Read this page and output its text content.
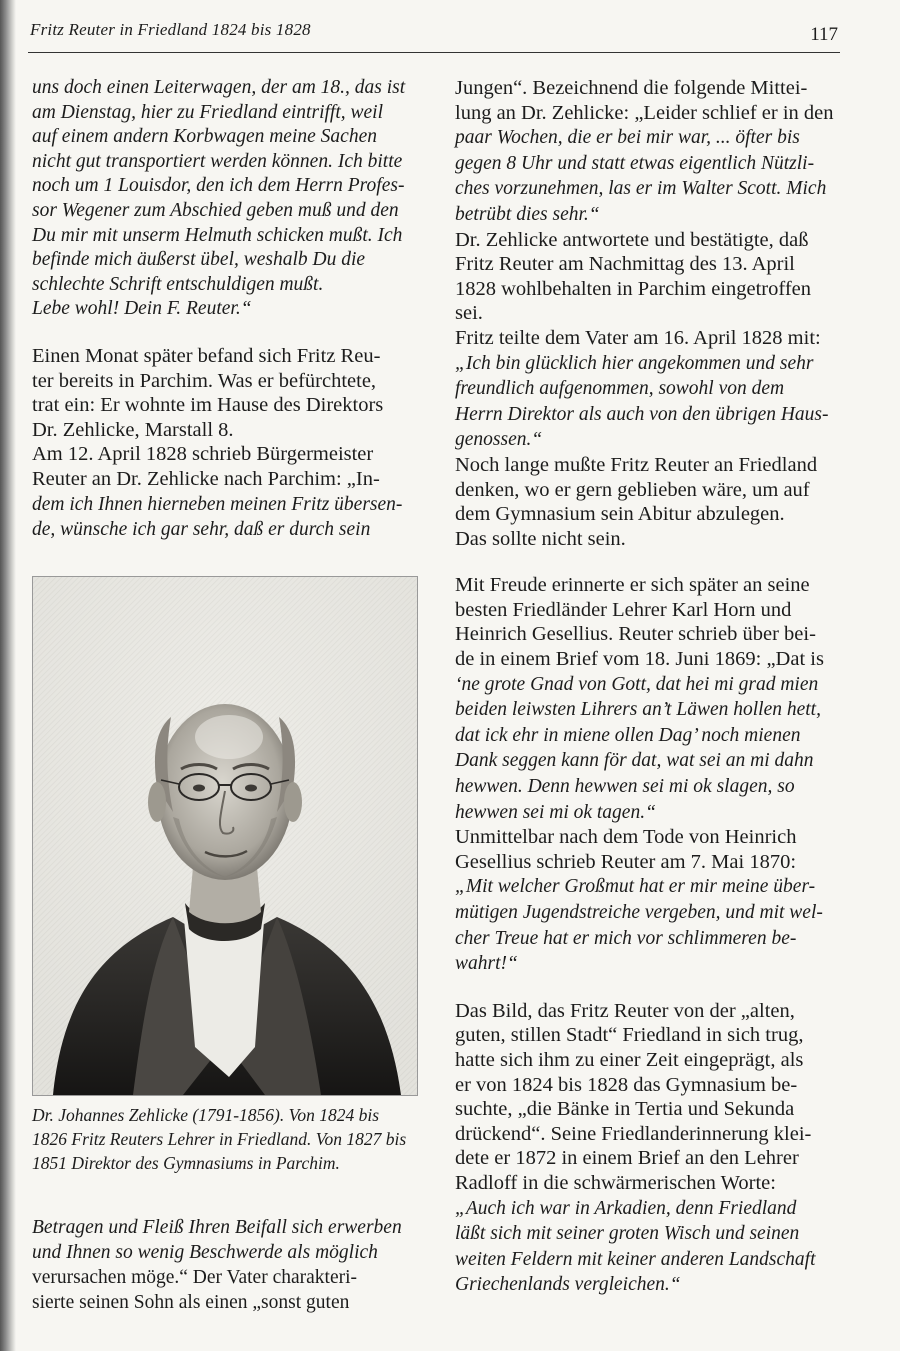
Fritz Reuter in Friedland 1824 bis 1828	117

uns doch einen Leiterwagen, der am 18., das ist
am Dienstag, hier zu Friedland eintrifft, weil
auf einem andern Korbwagen meine Sachen
nicht gut transportiert werden können. Ich bitte
noch um 1 Louisdor, den ich dem Herrn Profes-
sor Wegener zum Abschied geben muß und den
Du mir mit unserm Helmuth schicken mußt. Ich
befinde mich äußerst übel, weshalb Du die
schlechte Schrift entschuldigen mußt.
Lebe wohl! Dein F. Reuter.“

Einen Monat später befand sich Fritz Reu-
ter bereits in Parchim. Was er befürchtete,
trat ein: Er wohnte im Hause des Direktors
Dr. Zehlicke, Marstall 8.

Am 12. April 1828 schrieb Bürgermeister
Reuter an Dr. Zehlicke nach Parchim: „In-
dem ich Ihnen hierneben meinen Fritz übersen-
de, wünsche ich gar sehr, daß er durch sein

Dr. Johannes Zehlicke (1791-1856). Von 1824 bis
1826 Fritz Reuters Lehrer in Friedland. Von 1827 bis
1851 Direktor des Gymnasiums in Parchim.
Betragen und Fleiß Ihren Beifall sich erwerben
und Ihnen so wenig Beschwerde als möglich
verursachen möge.“ Der Vater charakteri-
sierte seinen Sohn als einen „sonst guten

Jungen“. Bezeichnend die folgende Mittei-
lung an Dr. Zehlicke: „Leider schlief er in den
paar Wochen, die er bei mir war, ... öfter bis
gegen 8 Uhr und statt etwas eigentlich Nützli-
ches vorzunehmen, las er im Walter Scott. Mich
betrübt dies sehr.“

Dr. Zehlicke antwortete und bestätigte, daß
Fritz Reuter am Nachmittag des 13. April
1828 wohlbehalten in Parchim eingetroffen
sei.

Fritz teilte dem Vater am 16. April 1828 mit:
„Ich bin glücklich hier angekommen und sehr
freundlich aufgenommen, sowohl von dem
Herrn Direktor als auch von den übrigen Haus-
genossen.“

Noch lange mußte Fritz Reuter an Friedland
denken, wo er gern geblieben wäre, um auf
dem Gymnasium sein Abitur abzulegen.
Das sollte nicht sein.

Mit Freude erinnerte er sich später an seine
besten Friedländer Lehrer Karl Horn und
Heinrich Gesellius. Reuter schrieb über bei-
de in einem Brief vom 18. Juni 1869: „Dat is
‘ne grote Gnad von Gott, dat hei mi grad mien
beiden leiwsten Lihrers an’t Läwen hollen hett,
dat ick ehr in miene ollen Dag’ noch mienen
Dank seggen kann för dat, wat sei an mi dahn
hewwen. Denn hewwen sei mi ok slagen, so
hewwen sei mi ok tagen.“

Unmittelbar nach dem Tode von Heinrich
Gesellius schrieb Reuter am 7. Mai 1870:
„Mit welcher Großmut hat er mir meine über-
mütigen Jugendstreiche vergeben, und mit wel-
cher Treue hat er mich vor schlimmeren be-
wahrt!“

Das Bild, das Fritz Reuter von der „alten,
guten, stillen Stadt“ Friedland in sich trug,
hatte sich ihm zu einer Zeit eingeprägt, als
er von 1824 bis 1828 das Gymnasium be-
suchte, „die Bänke in Tertia und Sekunda
drückend“. Seine Friedlanderinnerung klei-
dete er 1872 in einem Brief an den Lehrer
Radloff in die schwärmerischen Worte:
„Auch ich war in Arkadien, denn Friedland
läßt sich mit seiner groten Wisch und seinen
weiten Feldern mit keiner anderen Landschaft
Griechenlands vergleichen.“
